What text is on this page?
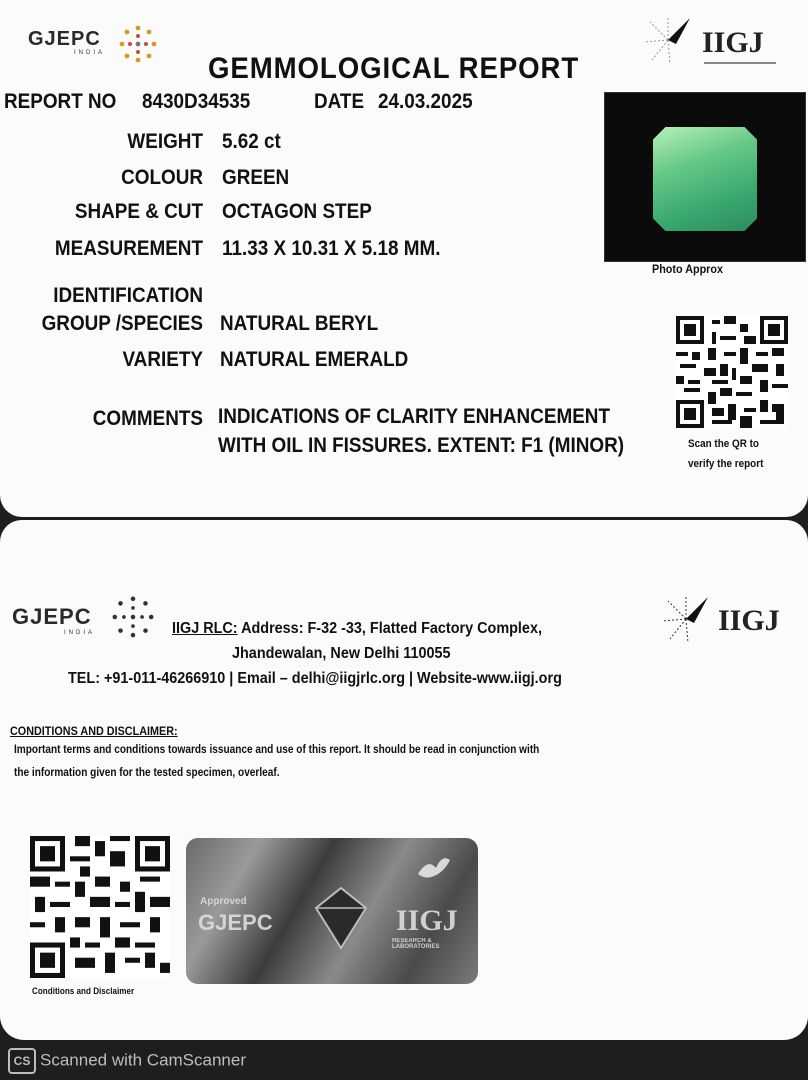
GJEPC
INDIA	IIGJ
GEMMOLOGICAL REPORT
REPORT NO 8430D34535	DATE 24.03.2025
WEIGHT 5.62 ct
COLOUR GREEN
SHAPE & CUT OCTAGON STEP
MEASUREMENT 11.33 X 10.31 X 5.18 MM.
IDENTIFICATION
GROUP /SPECIES NATURAL BERYL
VARIETY NATURAL EMERALD
COMMENTS INDICATIONS OF CLARITY ENHANCEMENT
WITH OIL IN FISSURES. EXTENT: F1 (MINOR)
Photo Approx
Scan the QR to
verify the report
GJEPC
INDIA	IIGJ
IIGJ RLC: Address: F-32 -33, Flatted Factory Complex,
Jhandewalan, New Delhi 110055
TEL: +91-011-46266910 | Email – delhi@iigjrlc.org | Website-www.iigj.org
CONDITIONS AND DISCLAIMER:
Important terms and conditions towards issuance and use of this report. It should be read in conjunction with
the information given for the tested specimen, overleaf.
Conditions and Disclaimer
Approved
GJEPC	IIGJ
RESEARCH & LABORATORIES
CS Scanned with CamScanner
